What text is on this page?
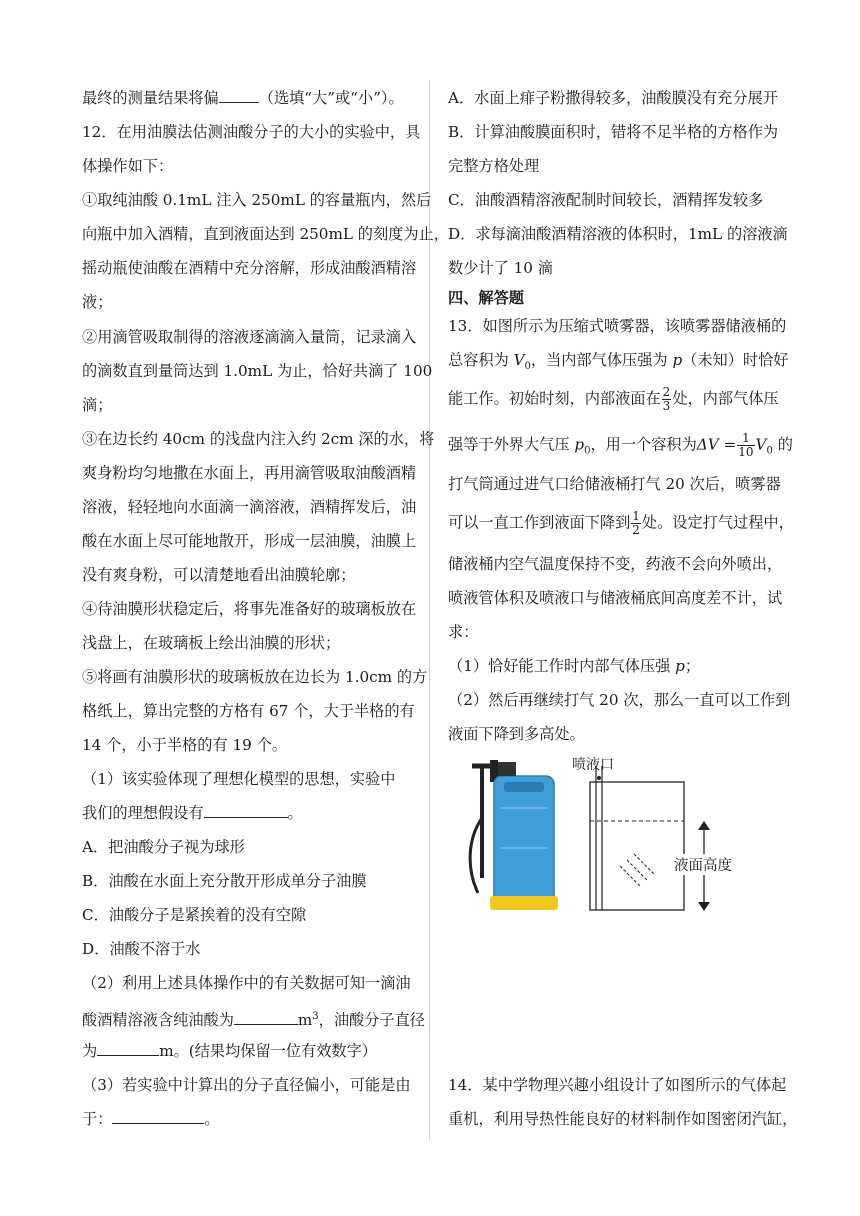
最终的测量结果将偏	（选填“大”或“小”）。
12．在用油膜法估测油酸分子的大小的实验中，具
体操作如下：
①取纯油酸 0.1mL 注入 250mL 的容量瓶内，然后
向瓶中加入酒精，直到液面达到 250mL 的刻度为止，
摇动瓶使油酸在酒精中充分溶解，形成油酸酒精溶
液；
②用滴管吸取制得的溶液逐滴滴入量筒，记录滴入
的滴数直到量筒达到 1.0mL 为止，恰好共滴了 100
滴；
③在边长约 40cm 的浅盘内注入约 2cm 深的水，将
爽身粉均匀地撒在水面上，再用滴管吸取油酸酒精
溶液，轻轻地向水面滴一滴溶液，酒精挥发后，油
酸在水面上尽可能地散开，形成一层油膜，油膜上
没有爽身粉，可以清楚地看出油膜轮廓；
④待油膜形状稳定后，将事先准备好的玻璃板放在
浅盘上，在玻璃板上绘出油膜的形状；
⑤将画有油膜形状的玻璃板放在边长为 1.0cm 的方
格纸上，算出完整的方格有 67 个，大于半格的有
14 个，小于半格的有 19 个。
（1）该实验体现了理想化模型的思想，实验中
我们的理想假设有	。
A．把油酸分子视为球形
B．油酸在水面上充分散开形成单分子油膜
C．油酸分子是紧挨着的没有空隙
D．油酸不溶于水
（2）利用上述具体操作中的有关数据可知一滴油
酸酒精溶液含纯油酸为	$m^3$，油酸分子直径
为	m。(结果均保留一位有效数字）
（3）若实验中计算出的分子直径偏小，可能是由
于：	。
A．水面上痱子粉撒得较多，油酸膜没有充分展开
B．计算油酸膜面积时，错将不足半格的方格作为
完整方格处理
C．油酸酒精溶液配制时间较长，酒精挥发较多
D．求每滴油酸酒精溶液的体积时，1mL 的溶液滴
数少计了 10 滴
四、解答题
13．如图所示为压缩式喷雾器，该喷雾器储液桶的
总容积为 $V_0$，当内部气体压强为 p（未知）时恰好
能工作。初始时刻，内部液面在 $\frac{2}{3}$ 处，内部气体压
强等于外界大气压 $p_0$，用一个容积为$\Delta V = \frac{1}{10} V_0$ 的
打气筒通过进气口给储液桶打气 20 次后，喷雾器
可以一直工作到液面下降到 $\frac{1}{2}$ 处。设定打气过程中，
储液桶内空气温度保持不变，药液不会向外喷出，
喷液管体积及喷液口与储液桶底间高度差不计，试
求：
（1）恰好能工作时内部气体压强 p；
（2）然后再继续打气 20 次，那么一直可以工作到
液面下降到多高处。
14．某中学物理兴趣小组设计了如图所示的气体起
重机，利用导热性能良好的材料制作如图密闭汽缸，
喷液口
液面高度
